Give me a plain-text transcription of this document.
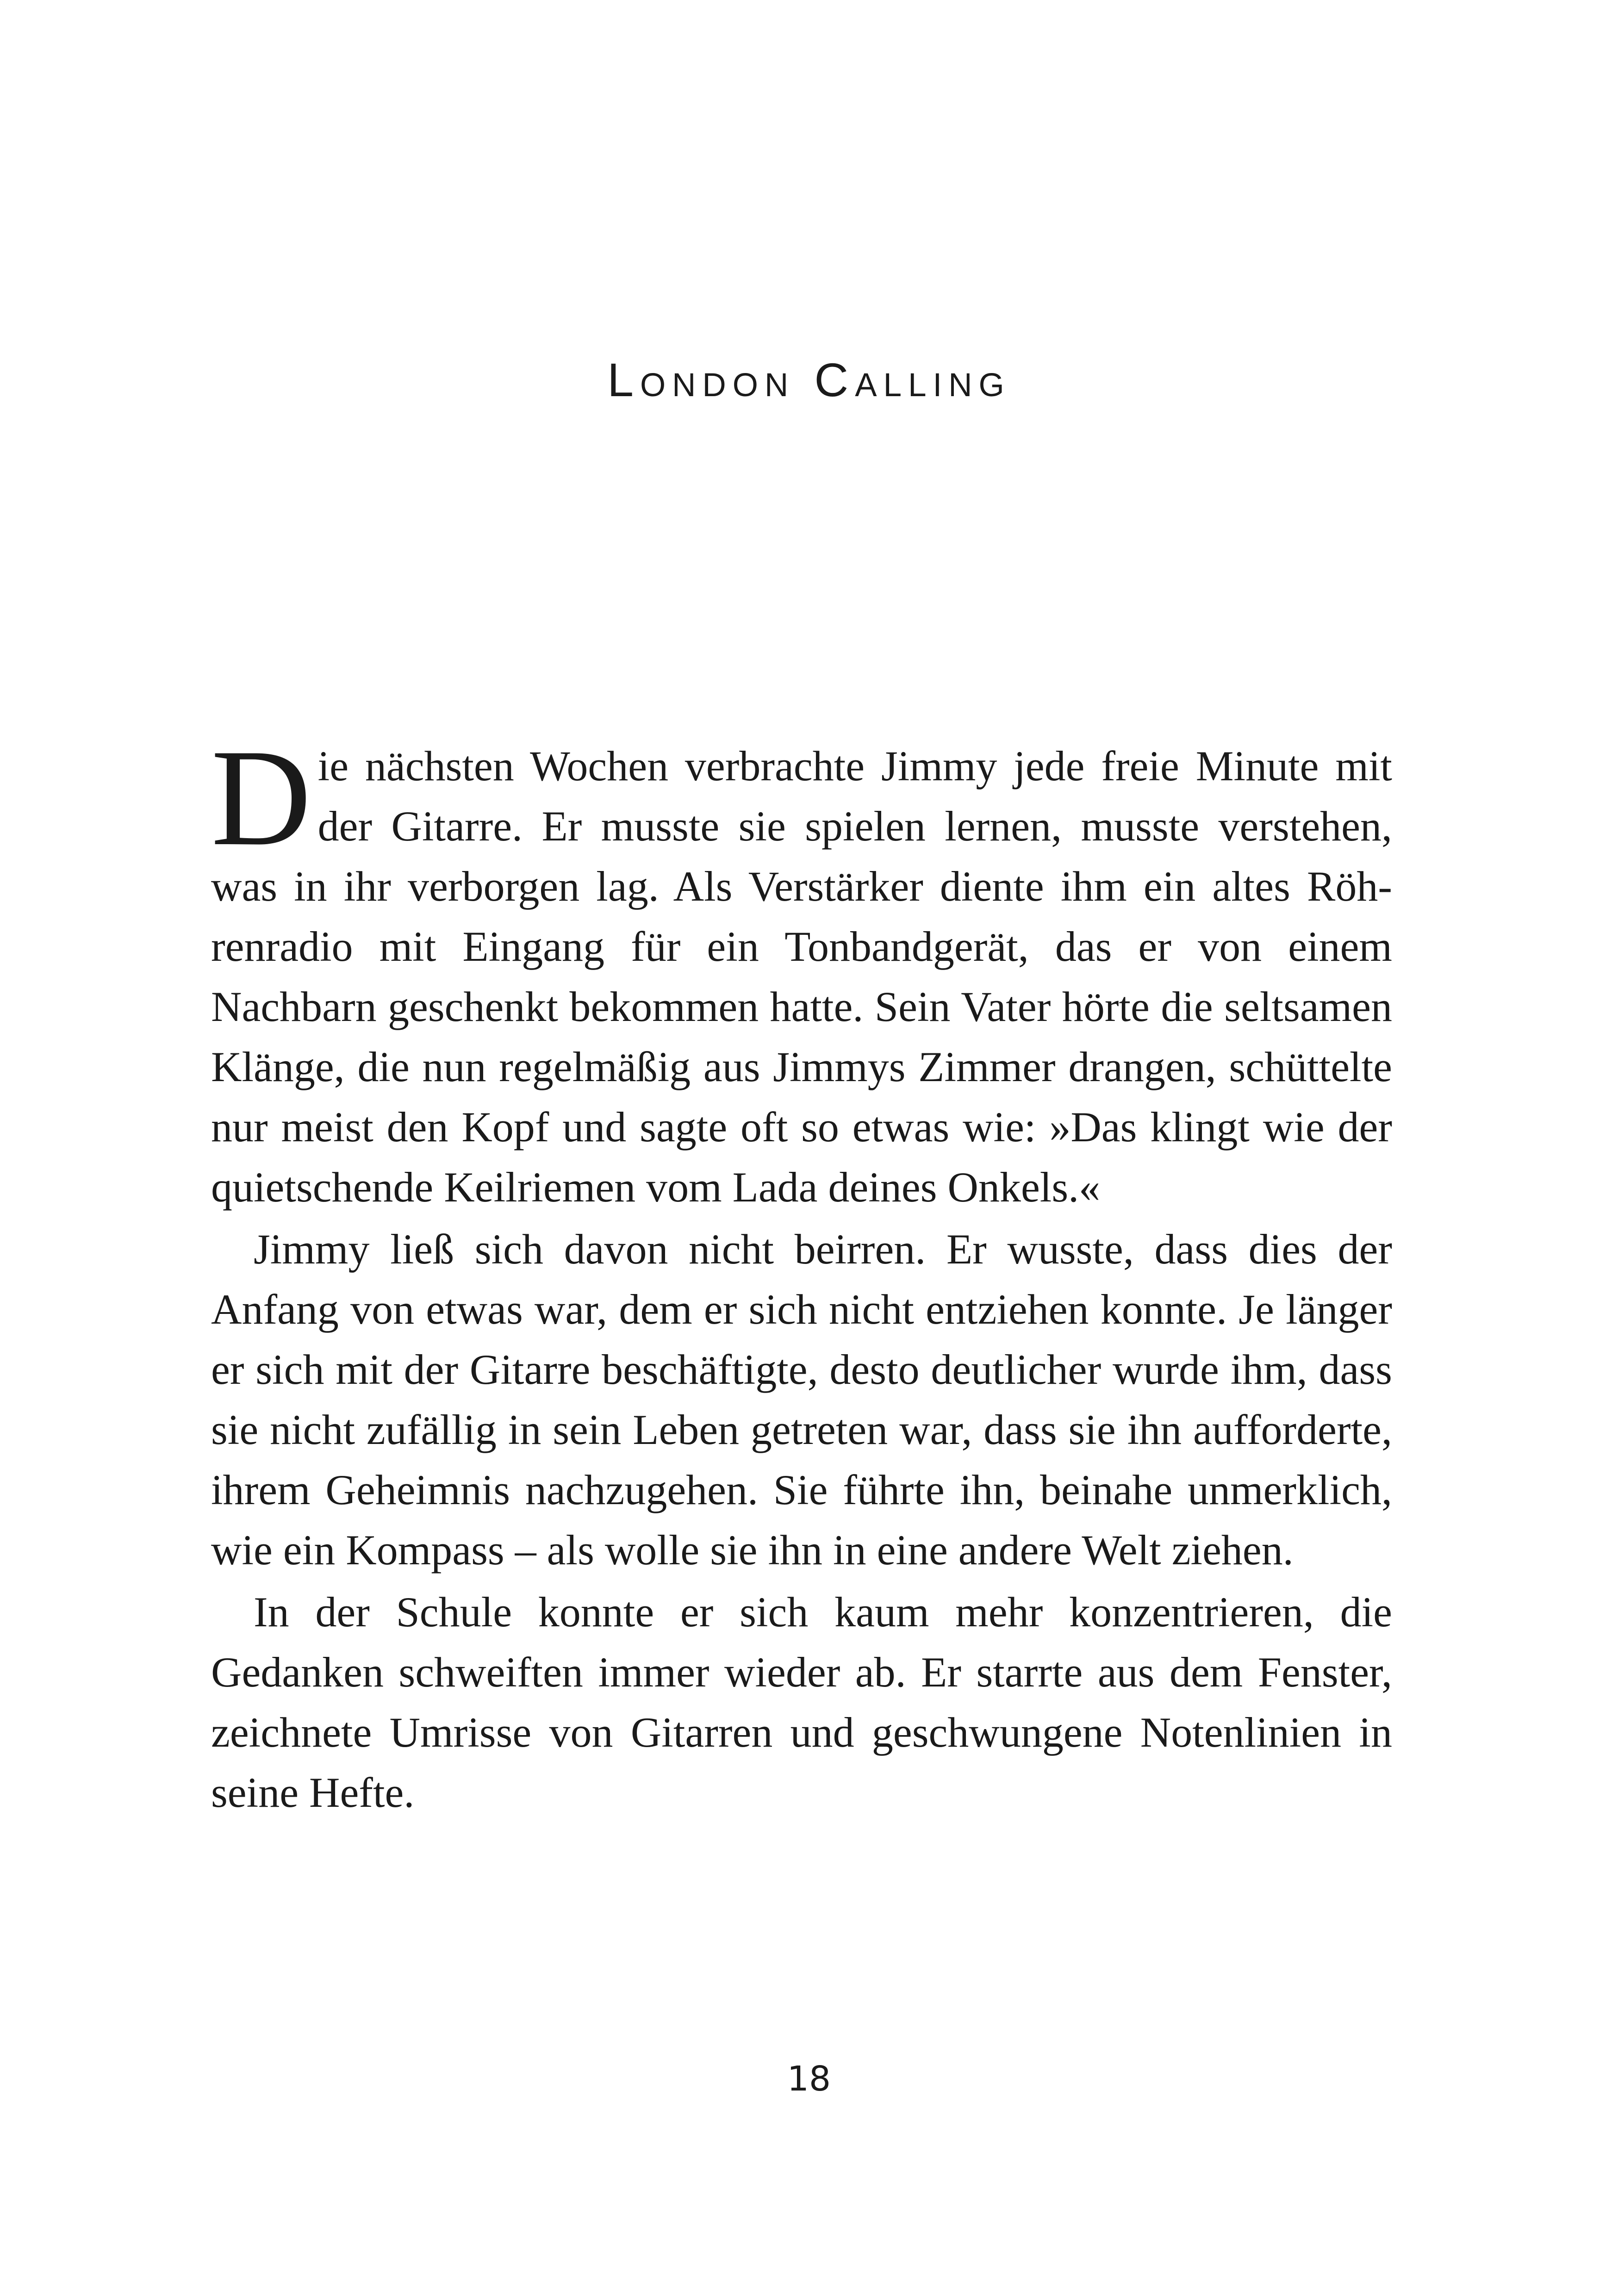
London Calling

Die nächsten Wochen verbrachte Jimmy jede freie Minute mit der Gitarre. Er musste sie spielen lernen, musste verstehen, was in ihr verborgen lag. Als Verstärker diente ihm ein altes Röhrenradio mit Eingang für ein Tonbandgerät, das er von einem Nachbarn geschenkt bekommen hatte. Sein Vater hörte die seltsamen Klänge, die nun regelmäßig aus Jimmys Zimmer drangen, schüttelte nur meist den Kopf und sagte oft so etwas wie: »Das klingt wie der quietschende Keilriemen vom Lada deines Onkels.«

Jimmy ließ sich davon nicht beirren. Er wusste, dass dies der Anfang von etwas war, dem er sich nicht entziehen konnte. Je länger er sich mit der Gitarre beschäftigte, desto deutlicher wurde ihm, dass sie nicht zufällig in sein Leben getreten war, dass sie ihn aufforderte, ihrem Geheimnis nachzugehen. Sie führte ihn, beinahe unmerklich, wie ein Kompass – als wolle sie ihn in eine andere Welt ziehen.

In der Schule konnte er sich kaum mehr konzentrieren, die Gedanken schweiften immer wieder ab. Er starrte aus dem Fenster, zeichnete Umrisse von Gitarren und geschwungene Notenlinien in seine Hefte.

18
